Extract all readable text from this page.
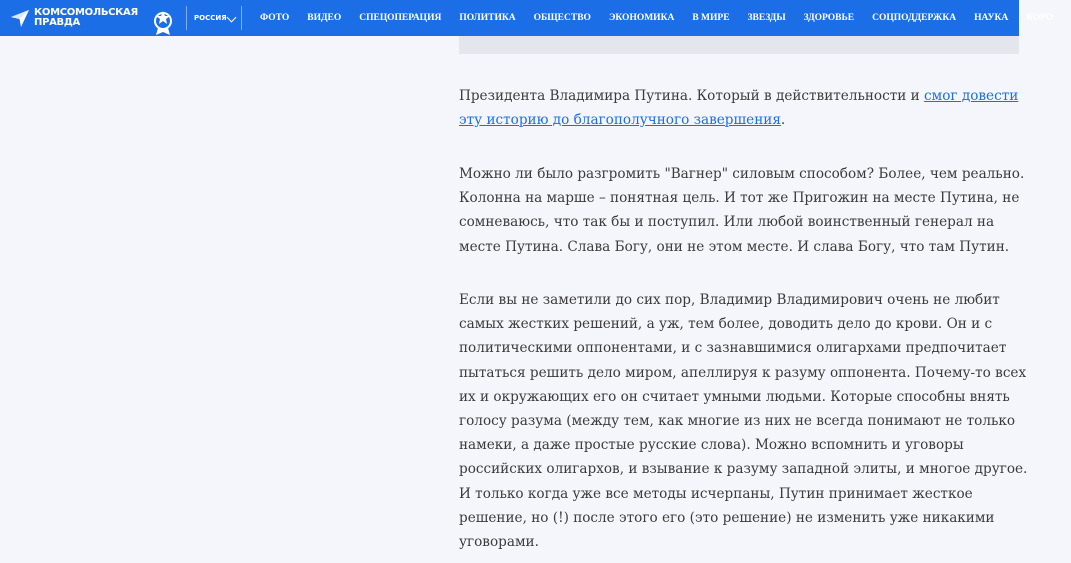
КОМСОМОЛЬСКАЯ
ПРАВДА	РОССИЯ	ФОТО ВИДЕО СПЕЦОПЕРАЦИЯ ПОЛИТИКА ОБЩЕСТВО ЭКОНОМИКА В МИРЕ ЗВЕЗДЫ ЗДОРОВЬЕ СОЦПОДДЕРЖКА НАУКА КОРО

Президента Владимира Путина. Который в действительности и смог довести
эту историю до благополучного завершения.

Можно ли было разгромить "Вагнер" силовым способом? Более, чем реально.
Колонна на марше – понятная цель. И тот же Пригожин на месте Путина, не
сомневаюсь, что так бы и поступил. Или любой воинственный генерал на
месте Путина. Слава Богу, они не этом месте. И слава Богу, что там Путин.

Если вы не заметили до сих пор, Владимир Владимирович очень не любит
самых жестких решений, а уж, тем более, доводить дело до крови. Он и с
политическими оппонентами, и с зазнавшимися олигархами предпочитает
пытаться решить дело миром, апеллируя к разуму оппонента. Почему-то всех
их и окружающих его он считает умными людьми. Которые способны внять
голосу разума (между тем, как многие из них не всегда понимают не только
намеки, а даже простые русские слова). Можно вспомнить и уговоры
российских олигархов, и взывание к разуму западной элиты, и многое другое.
И только когда уже все методы исчерпаны, Путин принимает жесткое
решение, но (!) после этого его (это решение) не изменить уже никакими
уговорами.
